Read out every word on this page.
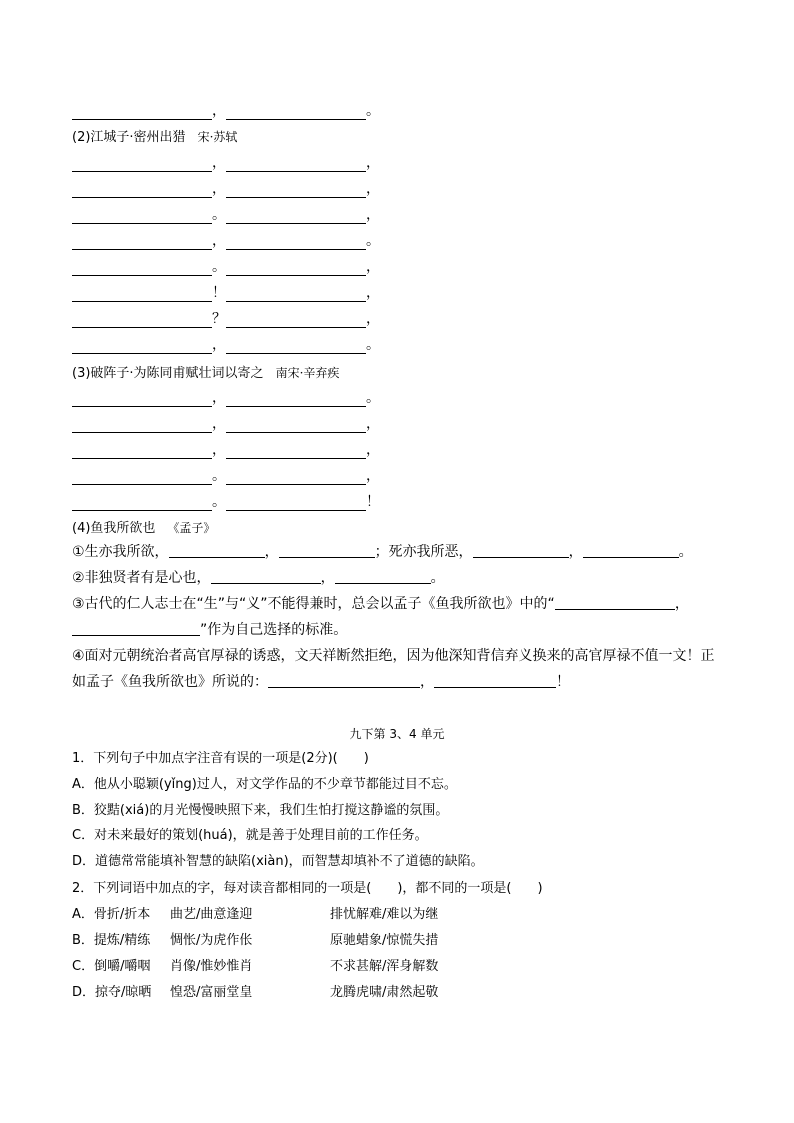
，	。
(2)江城子·密州出猎 宋·苏轼
，	，
，	，
。	，
，	。
。	，
！	，
？	，
，	。
(3)破阵子·为陈同甫赋壮词以寄之 南宋·辛弃疾
，	。
，	，
，	，
。	，
。	！
(4)鱼我所欲也 《孟子》
①生亦我所欲，	，	；死亦我所恶，	，	。
②非独贤者有是心也，	，	。
③古代的仁人志士在“生”与“义”不能得兼时，总会以孟子《鱼我所欲也》中的“	，
”作为自己选择的标准。
④面对元朝统治者高官厚禄的诱惑，文天祥断然拒绝，因为他深知背信弃义换来的高官厚禄不值一文！正
如孟子《鱼我所欲也》所说的：	，	！
九下第 3、4 单元
1．下列句子中加点字注音有误的一项是(2分)(　　)
A．他从小聪颖(yǐng)过人，对文学作品的不少章节都能过目不忘。
B．狡黠(xiá)的月光慢慢映照下来，我们生怕打搅这静谧的氛围。
C．对未来最好的策划(huá)，就是善于处理目前的工作任务。
D．道德常常能填补智慧的缺陷(xiàn)，而智慧却填补不了道德的缺陷。
2．下列词语中加点的字，每对读音都相同的一项是(　　)，都不同的一项是(　　)
A．骨折/折本 曲艺/曲意逢迎	排忧解难/难以为继
B．提炼/精练 惆怅/为虎作伥	原驰蜡象/惊慌失措
C．倒嚼/嚼咽 肖像/惟妙惟肖	不求甚解/浑身解数
D．掠夺/晾晒 惶恐/富丽堂皇	龙腾虎啸/肃然起敬
